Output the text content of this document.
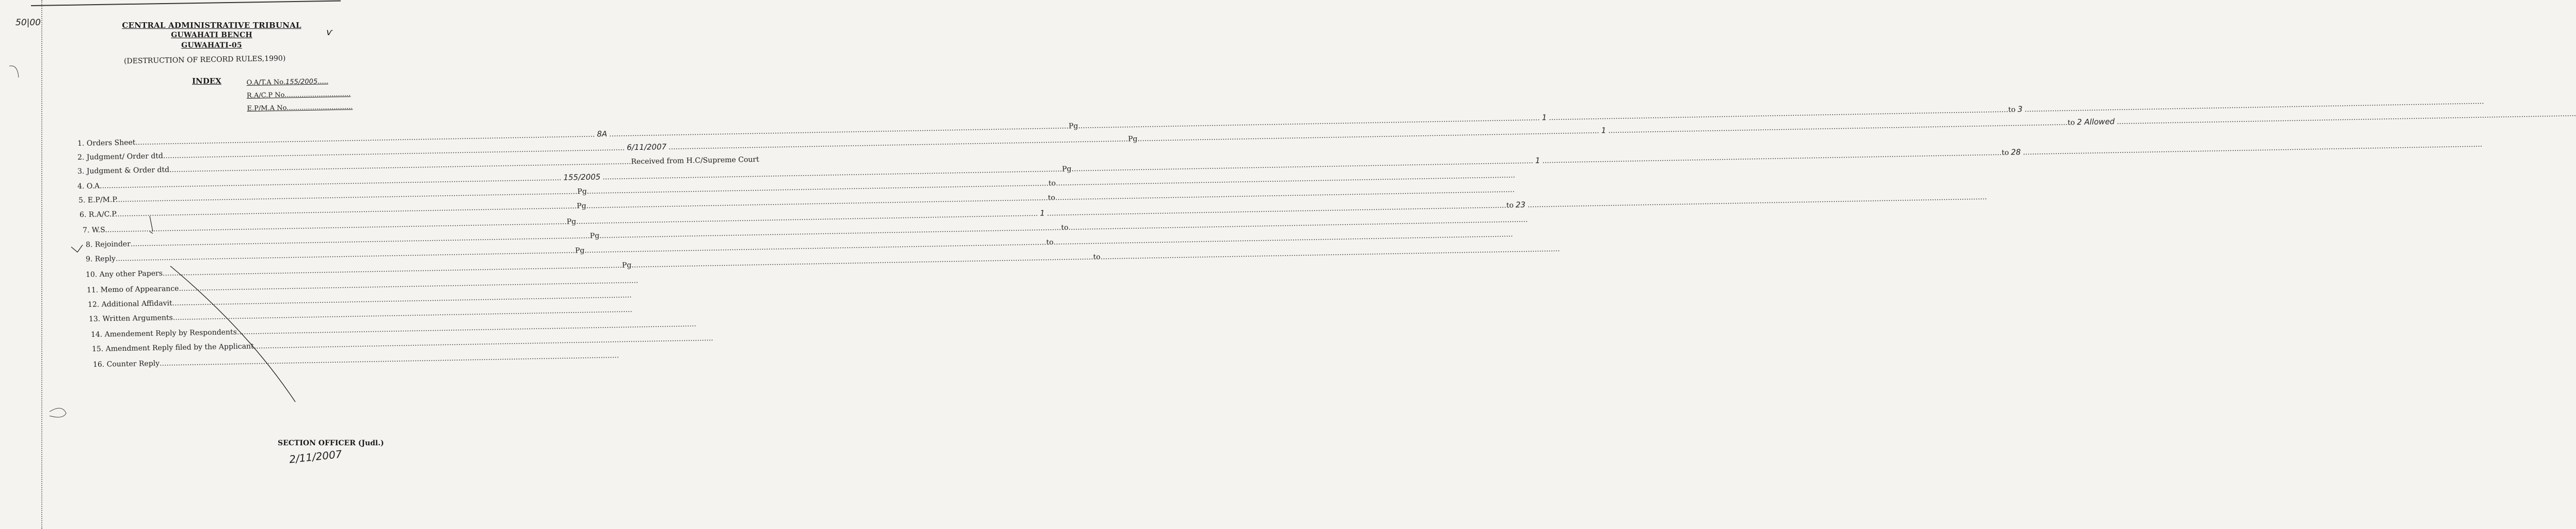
50|00
ѵ
CENTRAL ADMINISTRATIVE TRIBUNAL
GUWAHATI BENCH
GUWAHATI-05
(DESTRUCTION OF RECORD RULES,1990)
INDEX	O.A/T.A No.155/2005.....
R.A/C.P No...............................
E.P/M.A No...............................
1.
Orders Sheet ........................................................................................................................................................................................................ 8A ........................................................................................................................................................................................................ Pg. ........................................................................................................................................................................................................ 1 ........................................................................................................................................................................................................ to 3 ........................................................................................................................................................................................................
2.
Judgment/ Order dtd. ........................................................................................................................................................................................................ 6/11/2007 ........................................................................................................................................................................................................ Pg. ........................................................................................................................................................................................................ 1 ........................................................................................................................................................................................................ to 2 Allowed ........................................................................................................................................................................................................
3.
Judgment & Order dtd. ........................................................................................................................................................................................................ Received from H.C/Supreme Court
4.
O.A. ........................................................................................................................................................................................................ 155/2005 ........................................................................................................................................................................................................ Pg. ........................................................................................................................................................................................................ 1 ........................................................................................................................................................................................................ to 28 ........................................................................................................................................................................................................
5.
E.P/M.P. ........................................................................................................................................................................................................ Pg. ........................................................................................................................................................................................................ to ........................................................................................................................................................................................................
6.
R.A/C.P. ........................................................................................................................................................................................................ Pg. ........................................................................................................................................................................................................ to ........................................................................................................................................................................................................
7.
W.S. ........................................................................................................................................................................................................ Pg. ........................................................................................................................................................................................................ 1 ........................................................................................................................................................................................................ to 23 ........................................................................................................................................................................................................
8.
Rejoinder ........................................................................................................................................................................................................ Pg. ........................................................................................................................................................................................................ to ........................................................................................................................................................................................................
9.
Reply ........................................................................................................................................................................................................ Pg. ........................................................................................................................................................................................................ to ........................................................................................................................................................................................................
10.
Any other Papers ........................................................................................................................................................................................................ Pg. ........................................................................................................................................................................................................ to ........................................................................................................................................................................................................
11.
Memo of Appearance ........................................................................................................................................................................................................
12.
Additional Affidavit ........................................................................................................................................................................................................
13.
Written Arguments ........................................................................................................................................................................................................
14.
Amendement Reply by Respondents ........................................................................................................................................................................................................
15.
Amendment Reply filed by the Applicant ........................................................................................................................................................................................................
16.
Counter Reply ........................................................................................................................................................................................................
SECTION OFFICER (Judl.)
2/11/2007
